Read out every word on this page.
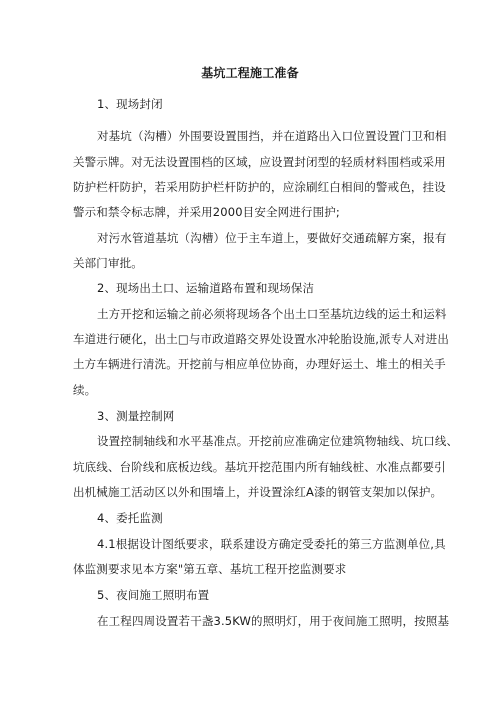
基坑工程施工准备
1、现场封闭
对基坑（沟槽）外围要设置围挡，并在道路出入口位置设置门卫和相
关警示牌。对无法设置围档的区域，应设置封闭型的轻质材料围档或采用
防护栏杆防护，若采用防护栏杆防护的，应涂刷红白相间的警戒色，挂设
警示和禁令标志牌，并采用2000目安全网进行围护;
对污水管道基坑（沟槽）位于主车道上，要做好交通疏解方案，报有
关部门审批。
2、现场出土口、运输道路布置和现场保洁
土方开挖和运输之前必须将现场各个出土口至基坑边线的运土和运料
车道进行硬化，出土□与市政道路交界处设置水冲轮胎设施,派专人对进出
土方车辆进行清洗。开挖前与相应单位协商，办理好运土、堆土的相关手
续。
3、测量控制网
设置控制轴线和水平基准点。开挖前应准确定位建筑物轴线、坑口线、
坑底线、台阶线和底板边线。基坑开挖范围内所有轴线桩、水准点都要引
出机械施工活动区以外和围墙上，并设置涂红A漆的钢管支架加以保护。
4、委托监测
4.1根据设计图纸要求，联系建设方确定受委托的第三方监测单位,具
体监测要求见本方案"第五章、基坑工程开挖监测要求
5、夜间施工照明布置
在工程四周设置若干盏3.5KW的照明灯，用于夜间施工照明，按照基
